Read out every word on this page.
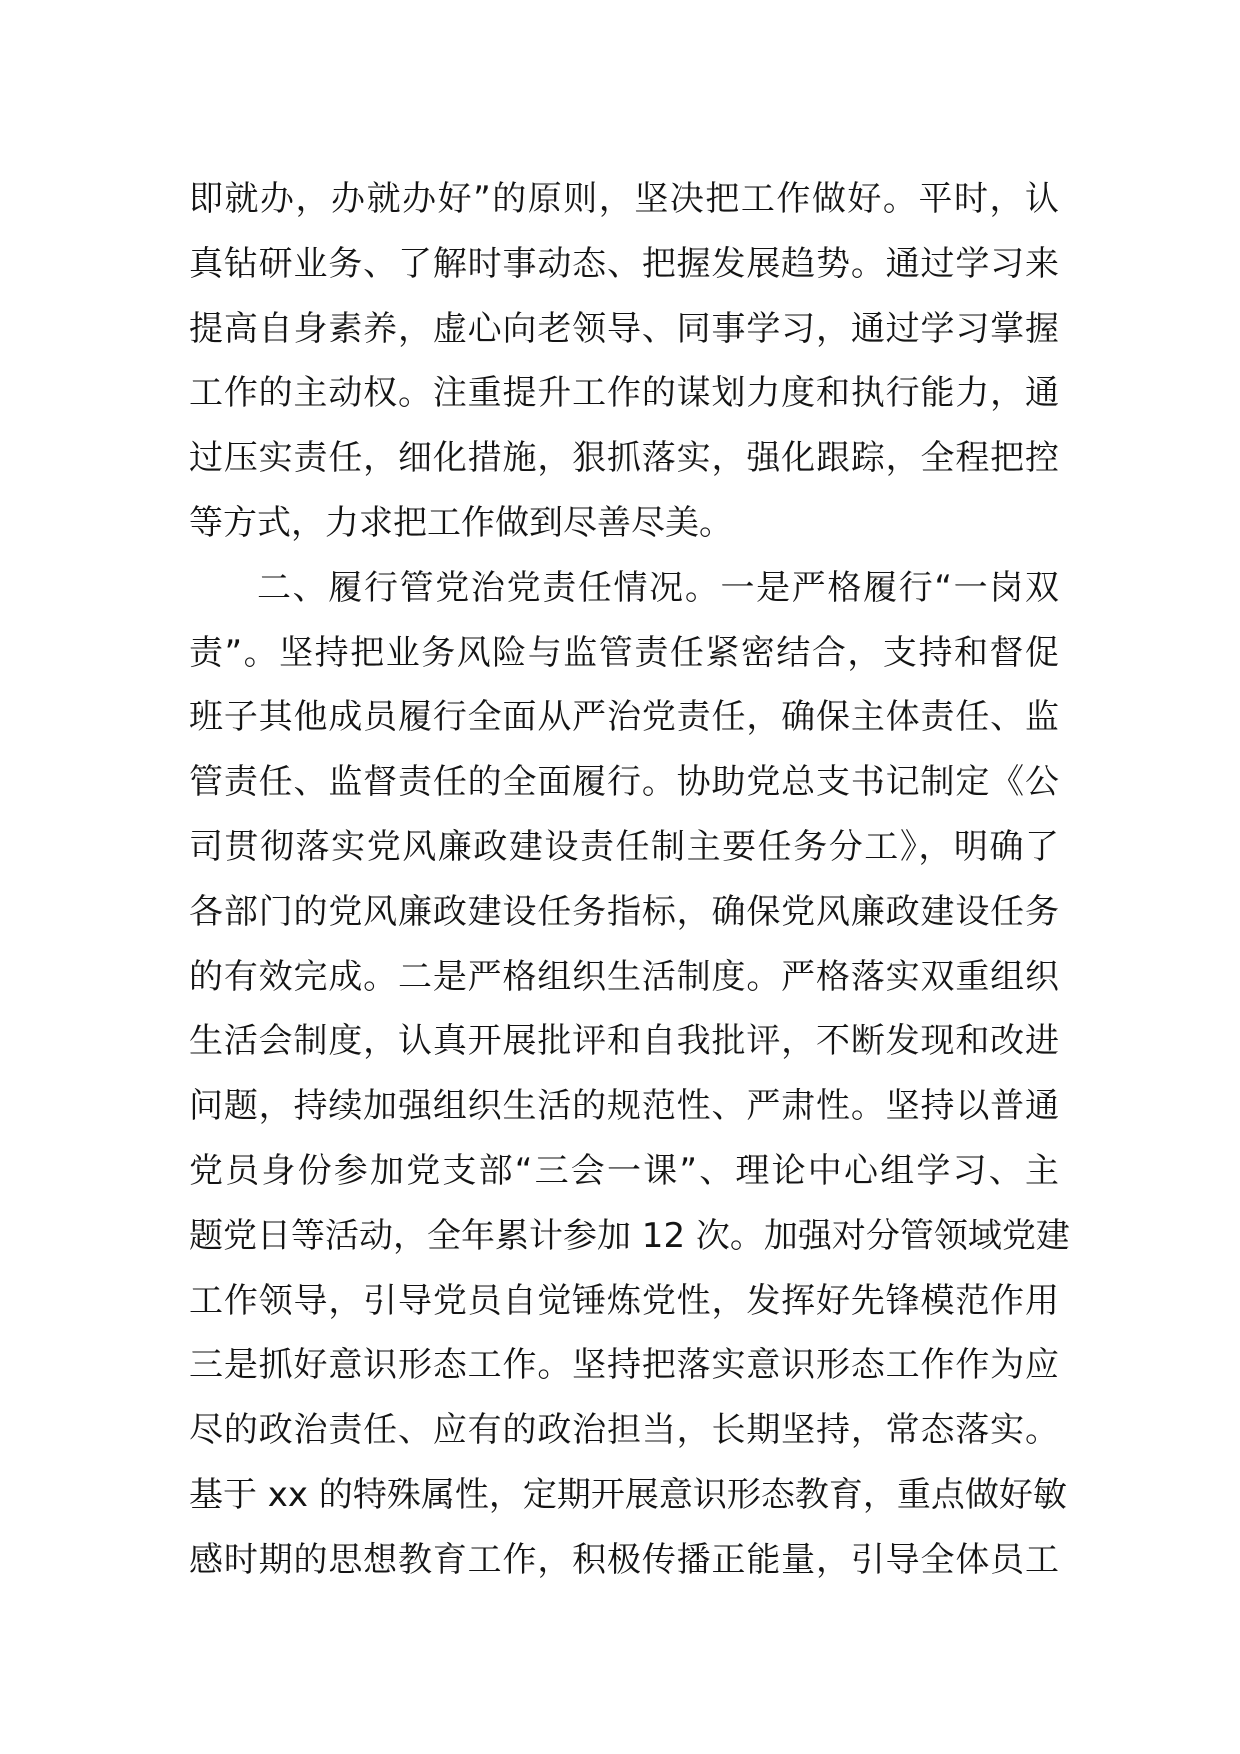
即就办，办就办好”的原则，坚决把工作做好。平时，认
真钻研业务、了解时事动态、把握发展趋势。通过学习来
提高自身素养，虚心向老领导、同事学习，通过学习掌握
工作的主动权。注重提升工作的谋划力度和执行能力，通
过压实责任，细化措施，狠抓落实，强化跟踪，全程把控
等方式，力求把工作做到尽善尽美。
二、履行管党治党责任情况。一是严格履行“一岗双
责”。坚持把业务风险与监管责任紧密结合，支持和督促
班子其他成员履行全面从严治党责任，确保主体责任、监
管责任、监督责任的全面履行。协助党总支书记制定《公
司贯彻落实党风廉政建设责任制主要任务分工》，明确了
各部门的党风廉政建设任务指标，确保党风廉政建设任务
的有效完成。二是严格组织生活制度。严格落实双重组织
生活会制度，认真开展批评和自我批评，不断发现和改进
问题，持续加强组织生活的规范性、严肃性。坚持以普通
党员身份参加党支部“三会一课”、理论中心组学习、主
题党日等活动，全年累计参加 12 次。加强对分管领域党建
工作领导，引导党员自觉锤炼党性，发挥好先锋模范作用
三是抓好意识形态工作。坚持把落实意识形态工作作为应
尽的政治责任、应有的政治担当，长期坚持，常态落实。
基于 xx 的特殊属性，定期开展意识形态教育，重点做好敏
感时期的思想教育工作，积极传播正能量，引导全体员工
